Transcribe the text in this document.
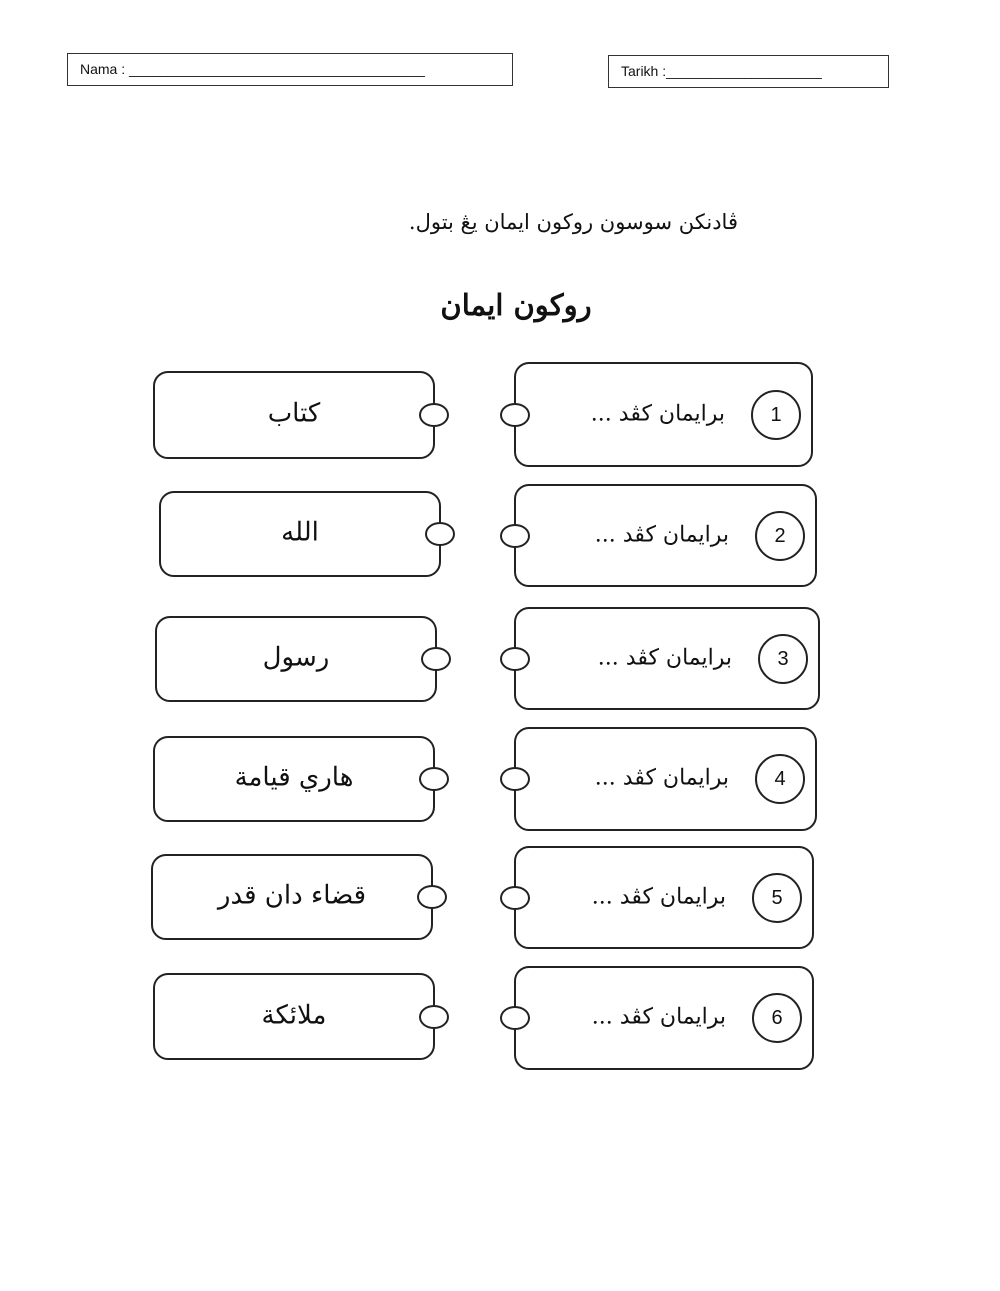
Nama : ______________________________________	Tarikh :____________________
ڤادنکن سوسون روکون ايمان يڠ بتول.
روکون ايمان
کتاب
الله
رسول
هاري قيامة
قضاء دان قدر
ملائکة
برايمان کڤد ...	1
برايمان کڤد ...	2
برايمان کڤد ...	3
برايمان کڤد ...	4
برايمان کڤد ...	5
برايمان کڤد ...	6
